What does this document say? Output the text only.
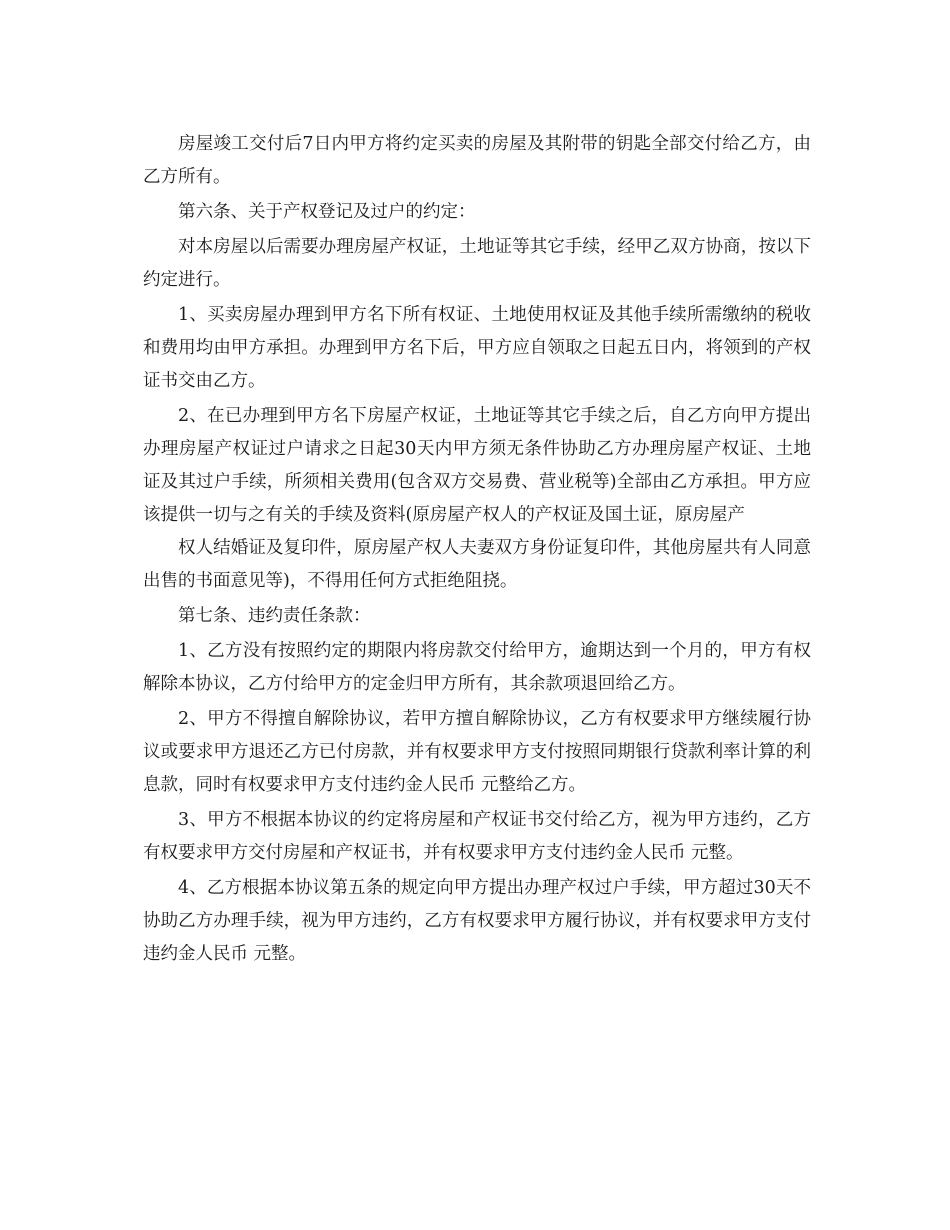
房屋竣工交付后7日内甲方将约定买卖的房屋及其附带的钥匙全部交付给乙方，由乙方所有。

第六条、关于产权登记及过户的约定：

对本房屋以后需要办理房屋产权证，土地证等其它手续，经甲乙双方协商，按以下约定进行。

1、买卖房屋办理到甲方名下所有权证、土地使用权证及其他手续所需缴纳的税收和费用均由甲方承担。办理到甲方名下后，甲方应自领取之日起五日内，将领到的产权证书交由乙方。

2、在已办理到甲方名下房屋产权证，土地证等其它手续之后，自乙方向甲方提出办理房屋产权证过户请求之日起30天内甲方须无条件协助乙方办理房屋产权证、土地证及其过户手续，所须相关费用(包含双方交易费、营业税等)全部由乙方承担。甲方应该提供一切与之有关的手续及资料(原房屋产权人的产权证及国土证，原房屋产

权人结婚证及复印件，原房屋产权人夫妻双方身份证复印件，其他房屋共有人同意出售的书面意见等)，不得用任何方式拒绝阻挠。

第七条、违约责任条款：

1、乙方没有按照约定的期限内将房款交付给甲方，逾期达到一个月的，甲方有权解除本协议，乙方付给甲方的定金归甲方所有，其余款项退回给乙方。

2、甲方不得擅自解除协议，若甲方擅自解除协议，乙方有权要求甲方继续履行协议或要求甲方退还乙方已付房款，并有权要求甲方支付按照同期银行贷款利率计算的利息款，同时有权要求甲方支付违约金人民币 元整给乙方。

3、甲方不根据本协议的约定将房屋和产权证书交付给乙方，视为甲方违约，乙方有权要求甲方交付房屋和产权证书，并有权要求甲方支付违约金人民币 元整。

4、乙方根据本协议第五条的规定向甲方提出办理产权过户手续，甲方超过30天不协助乙方办理手续，视为甲方违约，乙方有权要求甲方履行协议，并有权要求甲方支付违约金人民币 元整。
